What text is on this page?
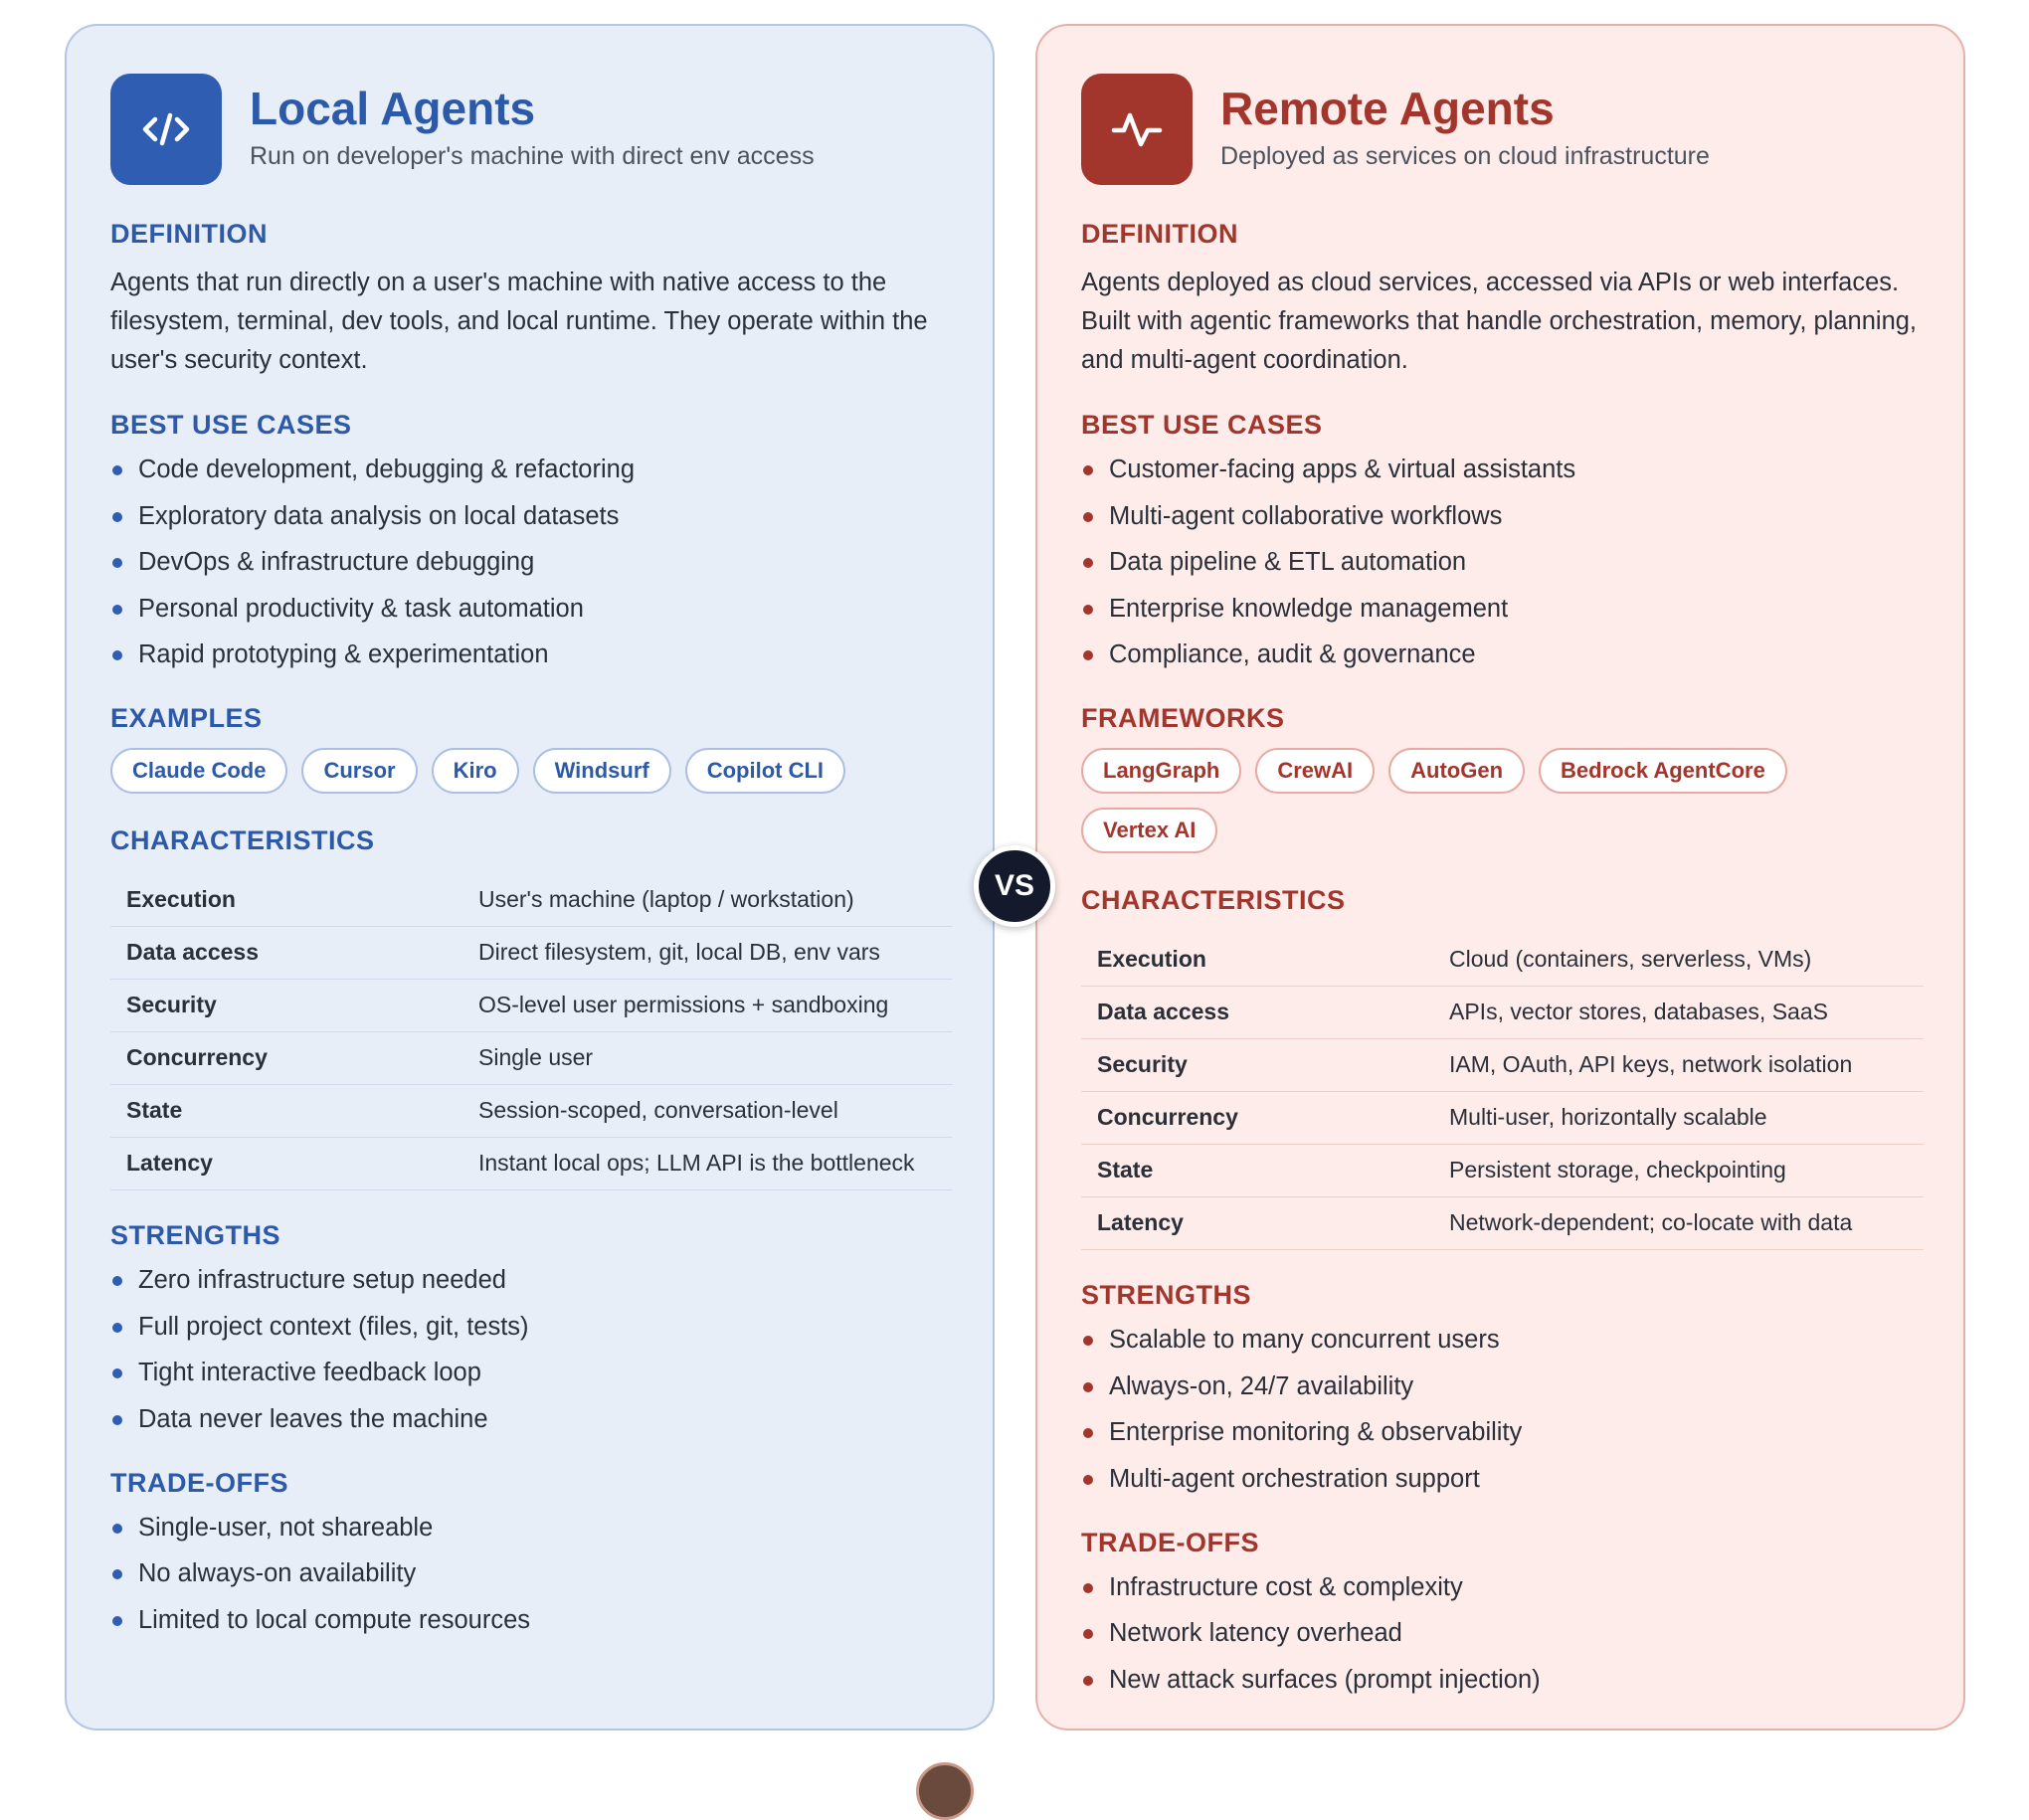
Local Agents
Run on developer's machine with direct env access
DEFINITION
Agents that run directly on a user's machine with native access to the filesystem, terminal, dev tools, and local runtime. They operate within the user's security context.
BEST USE CASES
Code development, debugging & refactoring
Exploratory data analysis on local datasets
DevOps & infrastructure debugging
Personal productivity & task automation
Rapid prototyping & experimentation
EXAMPLES
Claude Code	Cursor	Kiro	Windsurf	Copilot CLI
CHARACTERISTICS
Execution	User's machine (laptop / workstation)
Data access	Direct filesystem, git, local DB, env vars
Security	OS-level user permissions + sandboxing
Concurrency	Single user
State	Session-scoped, conversation-level
Latency	Instant local ops; LLM API is the bottleneck
STRENGTHS
Zero infrastructure setup needed
Full project context (files, git, tests)
Tight interactive feedback loop
Data never leaves the machine
TRADE-OFFS
Single-user, not shareable
No always-on availability
Limited to local compute resources
Remote Agents
Deployed as services on cloud infrastructure
DEFINITION
Agents deployed as cloud services, accessed via APIs or web interfaces. Built with agentic frameworks that handle orchestration, memory, planning, and multi-agent coordination.
BEST USE CASES
Customer-facing apps & virtual assistants
Multi-agent collaborative workflows
Data pipeline & ETL automation
Enterprise knowledge management
Compliance, audit & governance
FRAMEWORKS
LangGraph	CrewAI	AutoGen	Bedrock AgentCore
Vertex AI
CHARACTERISTICS
Execution	Cloud (containers, serverless, VMs)
Data access	APIs, vector stores, databases, SaaS
Security	IAM, OAuth, API keys, network isolation
Concurrency	Multi-user, horizontally scalable
State	Persistent storage, checkpointing
Latency	Network-dependent; co-locate with data
STRENGTHS
Scalable to many concurrent users
Always-on, 24/7 availability
Enterprise monitoring & observability
Multi-agent orchestration support
TRADE-OFFS
Infrastructure cost & complexity
Network latency overhead
New attack surfaces (prompt injection)
VS
